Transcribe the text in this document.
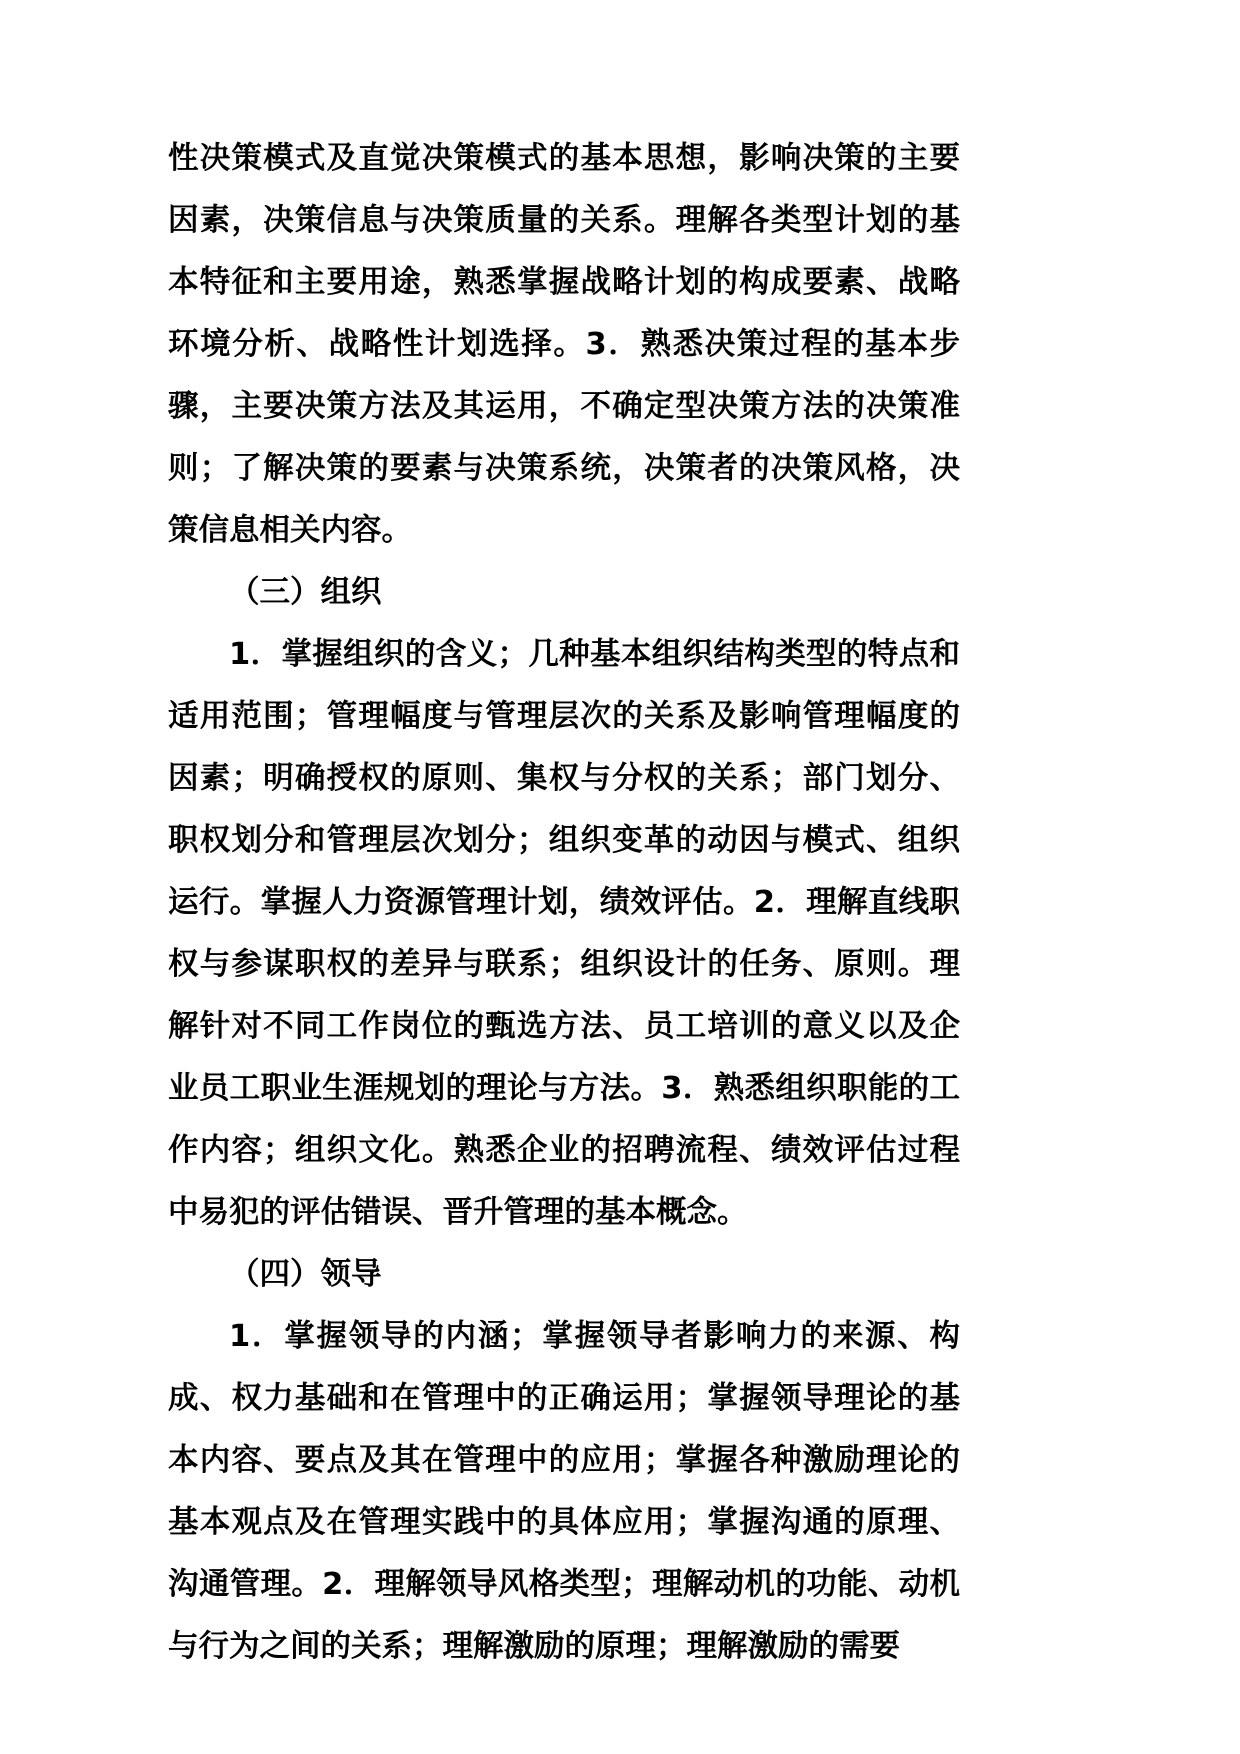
性决策模式及直觉决策模式的基本思想，影响决策的主要因素，决策信息与决策质量的关系。理解各类型计划的基本特征和主要用途，熟悉掌握战略计划的构成要素、战略环境分析、战略性计划选择。3．熟悉决策过程的基本步骤，主要决策方法及其运用，不确定型决策方法的决策准则；了解决策的要素与决策系统，决策者的决策风格，决策信息相关内容。

（三）组织

1．掌握组织的含义；几种基本组织结构类型的特点和适用范围；管理幅度与管理层次的关系及影响管理幅度的因素；明确授权的原则、集权与分权的关系；部门划分、职权划分和管理层次划分；组织变革的动因与模式、组织运行。掌握人力资源管理计划，绩效评估。2．理解直线职权与参谋职权的差异与联系；组织设计的任务、原则。理解针对不同工作岗位的甄选方法、员工培训的意义以及企业员工职业生涯规划的理论与方法。3．熟悉组织职能的工作内容；组织文化。熟悉企业的招聘流程、绩效评估过程中易犯的评估错误、晋升管理的基本概念。

（四）领导

1．掌握领导的内涵；掌握领导者影响力的来源、构成、权力基础和在管理中的正确运用；掌握领导理论的基本内容、要点及其在管理中的应用；掌握各种激励理论的基本观点及在管理实践中的具体应用；掌握沟通的原理、沟通管理。2．理解领导风格类型；理解动机的功能、动机与行为之间的关系；理解激励的原理；理解激励的需要
